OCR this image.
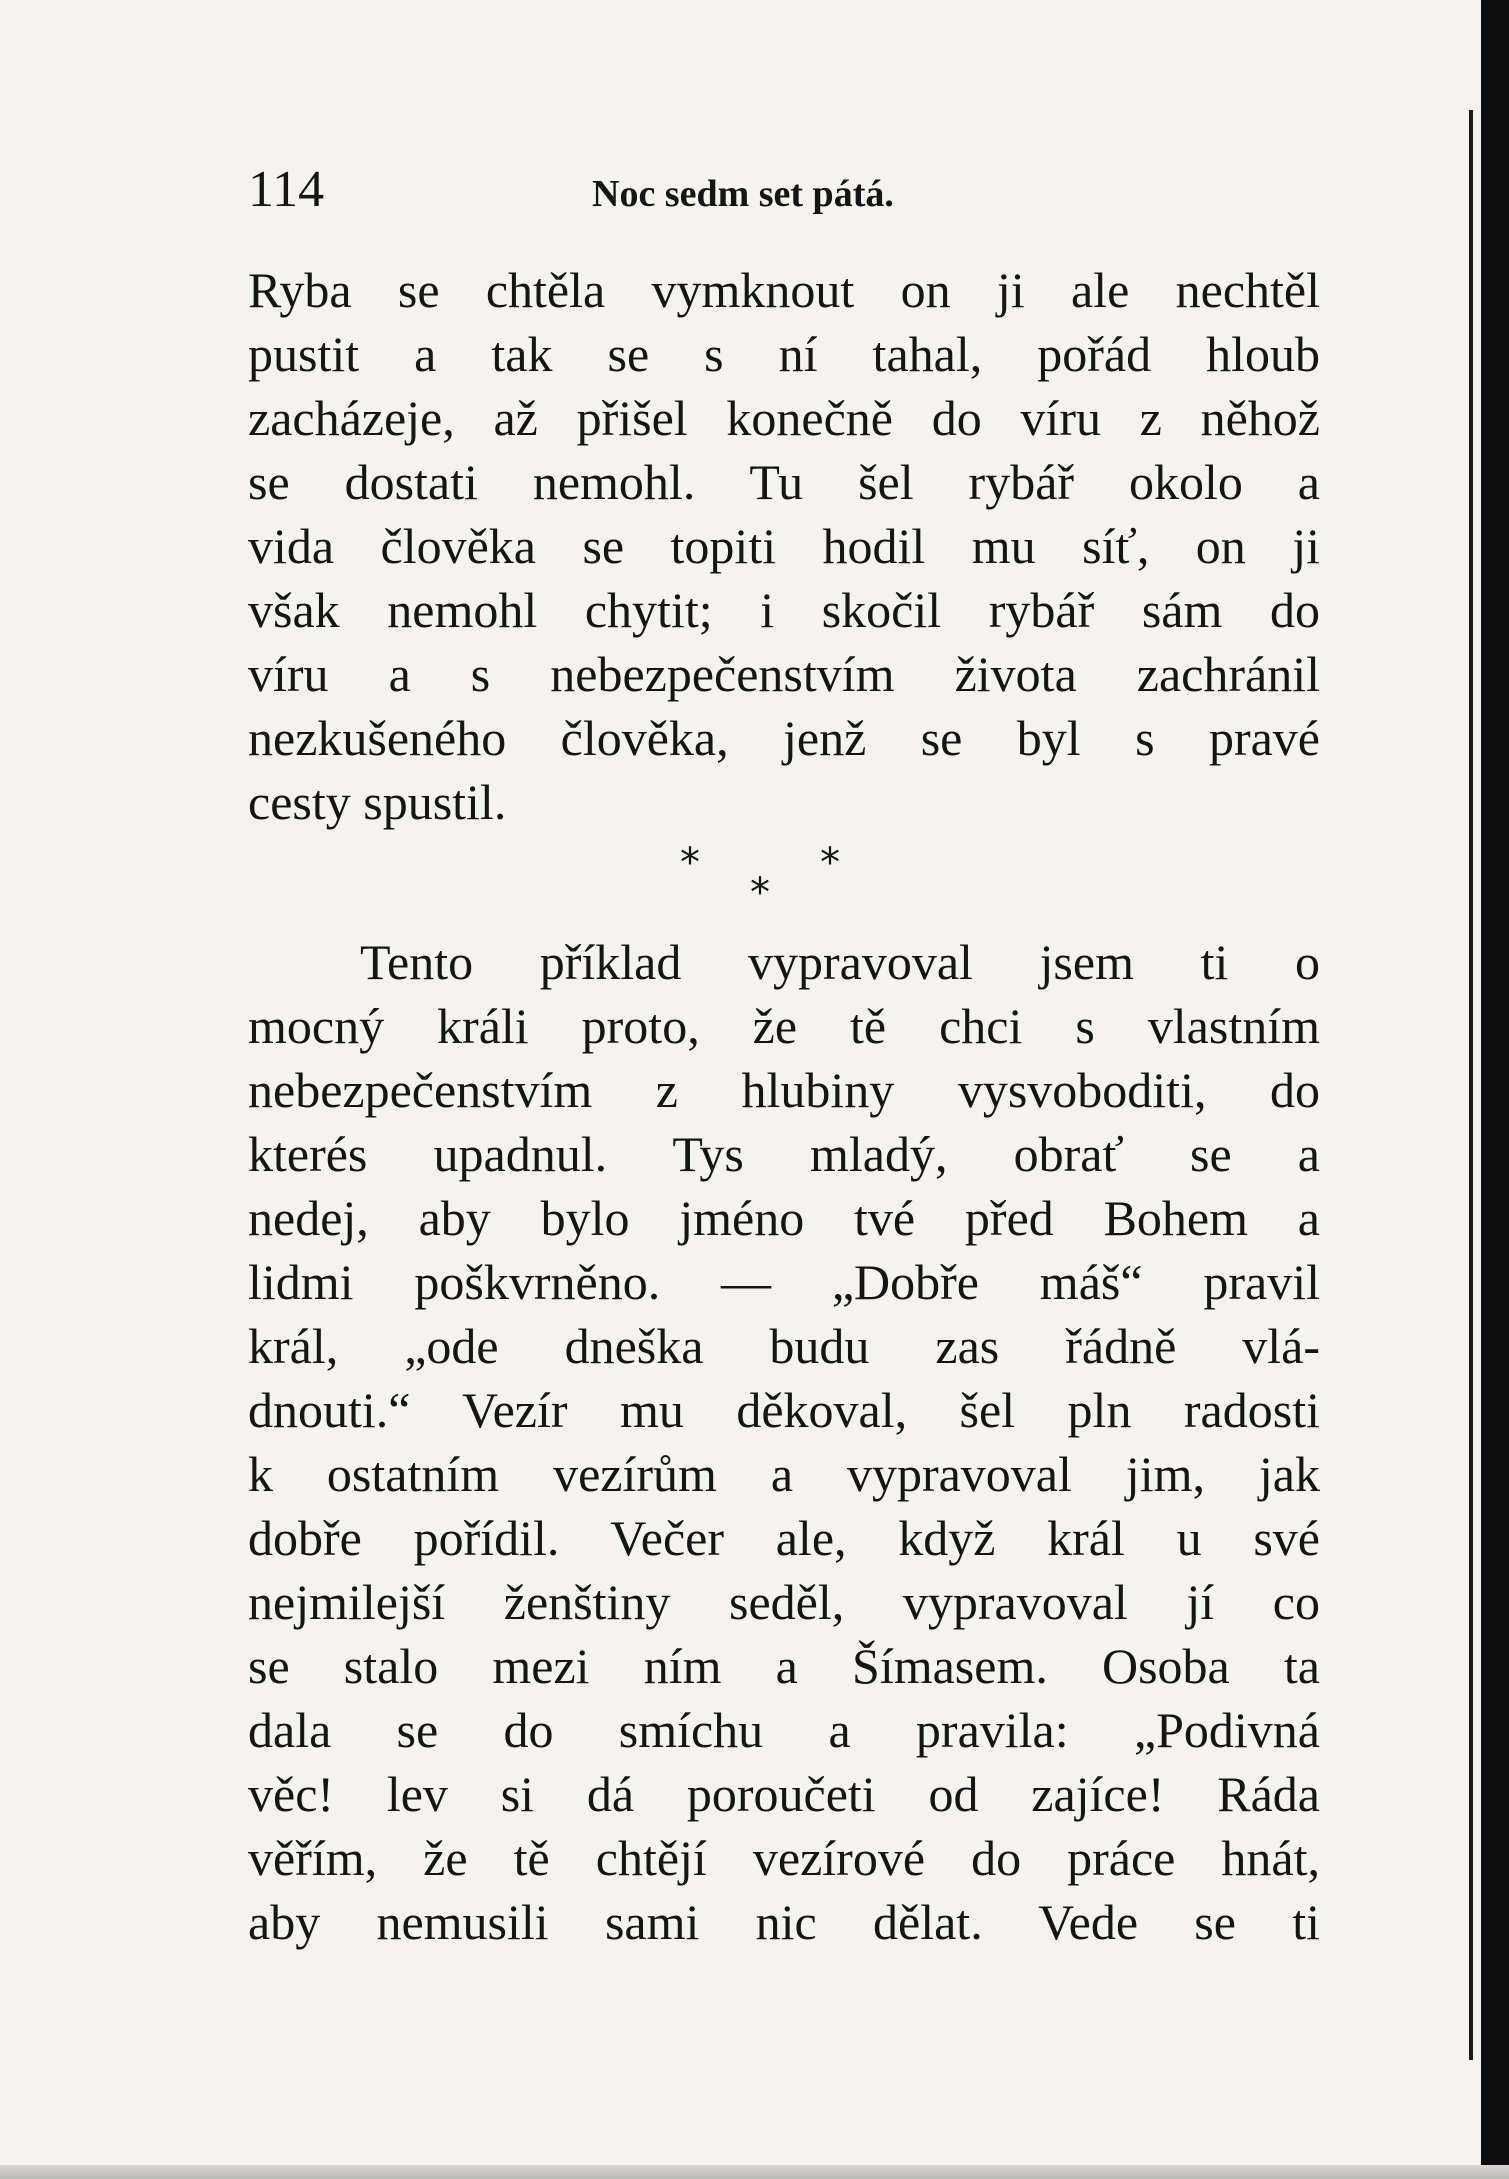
114	Noc sedm set pátá.
Ryba se chtěla vymknout on ji ale nechtěl
pustit a tak se s ní tahal, pořád hloub
zacházeje, až přišel konečně do víru z něhož
se dostati nemohl. Tu šel rybář okolo a
vida člověka se topiti hodil mu síť, on ji
však nemohl chytit; i skočil rybář sám do
víru a s nebezpečenstvím života zachránil
nezkušeného člověka, jenž se byl s pravé
cesty spustil.
*
*
*
Tento příklad vypravoval jsem ti o
mocný králi proto, že tě chci s vlastním
nebezpečenstvím z hlubiny vysvoboditi, do
kterés upadnul. Tys mladý, obrať se a
nedej, aby bylo jméno tvé před Bohem a
lidmi poškvrněno. — „Dobře máš“ pravil
král, „ode dneška budu zas řádně vlá-
dnouti.“ Vezír mu děkoval, šel pln radosti
k ostatním vezírům a vypravoval jim, jak
dobře pořídil. Večer ale, když král u své
nejmilejší ženštiny seděl, vypravoval jí co
se stalo mezi ním a Šímasem. Osoba ta
dala se do smíchu a pravila: „Podivná
věc! lev si dá poroučeti od zajíce! Ráda
věřím, že tě chtějí vezírové do práce hnát,
aby nemusili sami nic dělat. Vede se ti
